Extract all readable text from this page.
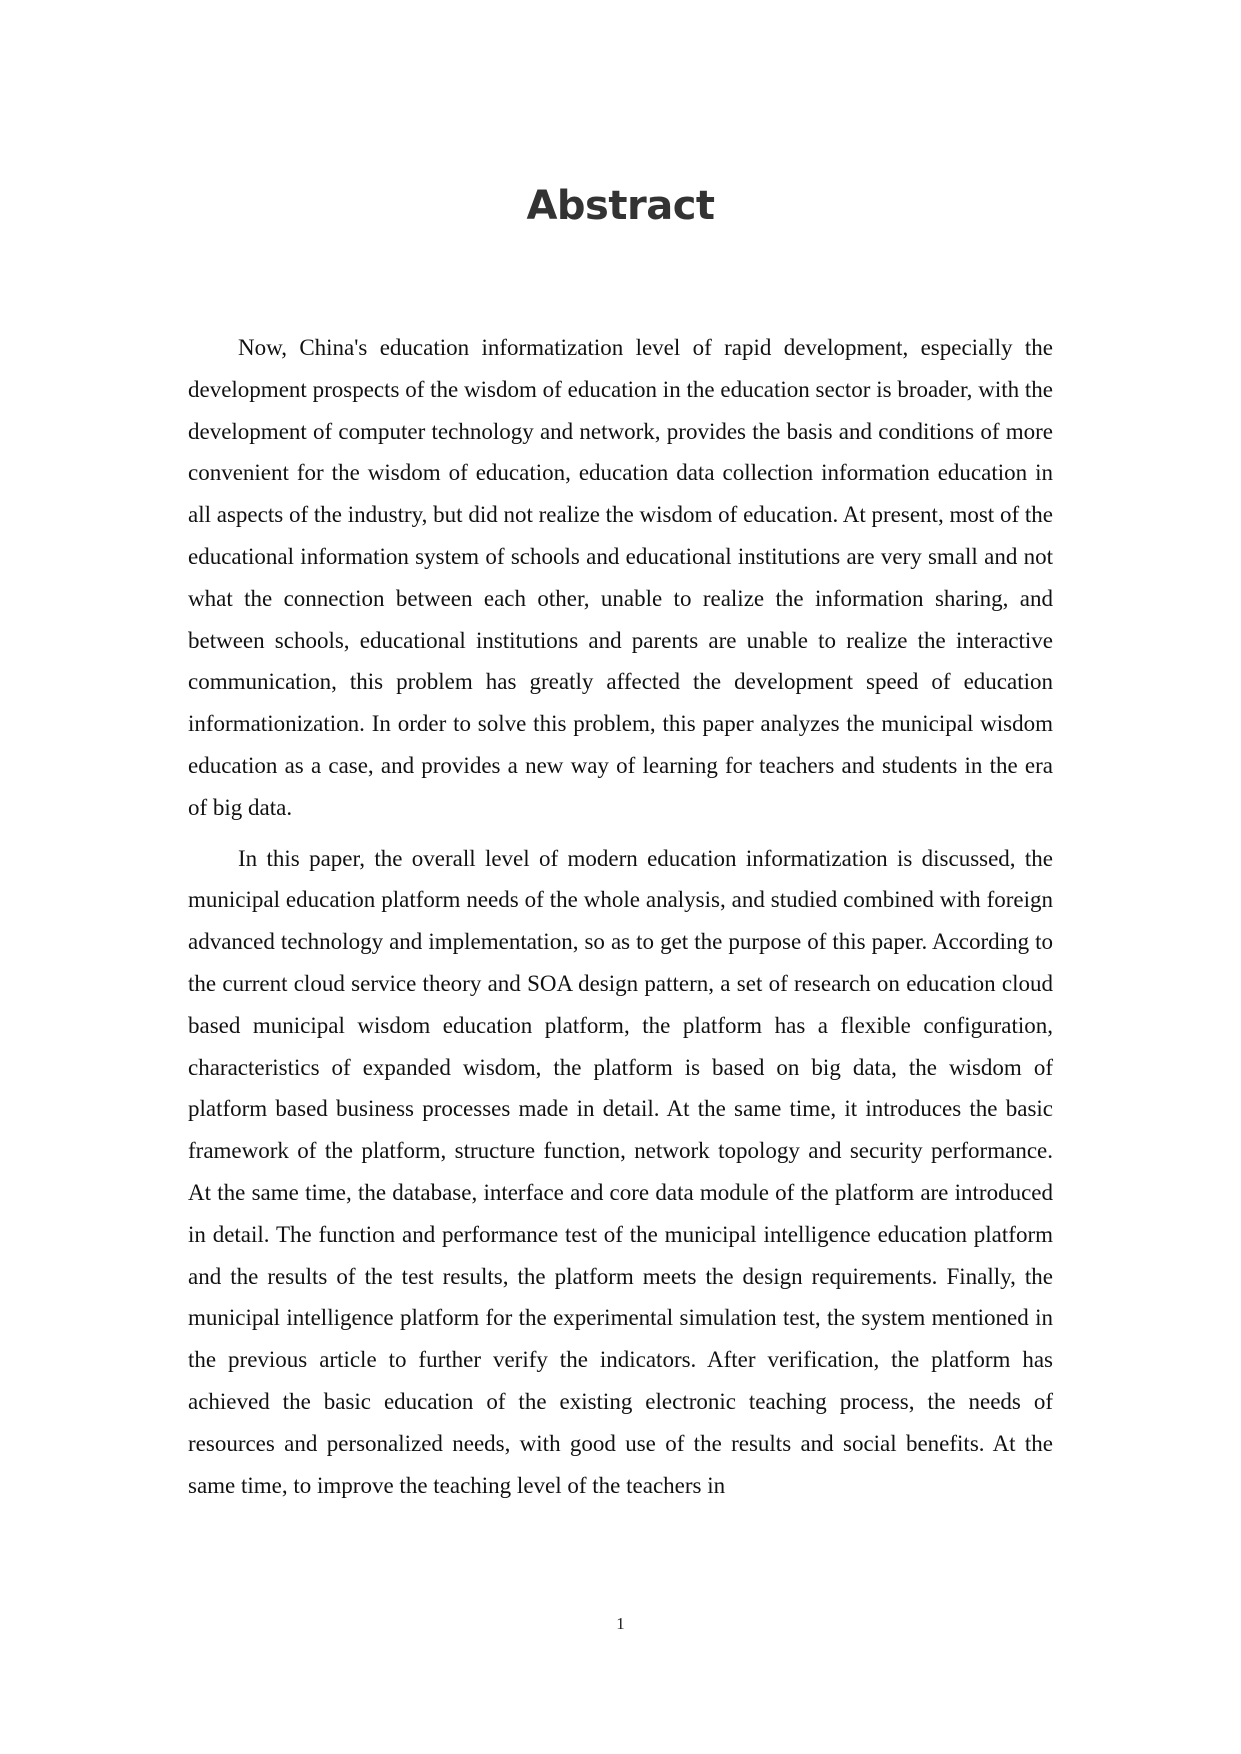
Abstract

Now, China's education informatization level of rapid development, especially the development prospects of the wisdom of education in the education sector is broader, with the development of computer technology and network, provides the basis and conditions of more convenient for the wisdom of education, education data collection information education in all aspects of the industry, but did not realize the wisdom of education. At present, most of the educational information system of schools and educational institutions are very small and not what the connection between each other, unable to realize the information sharing, and between schools, educational institutions and parents are unable to realize the interactive communication, this problem has greatly affected the development speed of education informationization. In order to solve this problem, this paper analyzes the municipal wisdom education as a case, and provides a new way of learning for teachers and students in the era of big data.

In this paper, the overall level of modern education informatization is discussed, the municipal education platform needs of the whole analysis, and studied combined with foreign advanced technology and implementation, so as to get the purpose of this paper. According to the current cloud service theory and SOA design pattern, a set of research on education cloud based municipal wisdom education platform, the platform has a flexible configuration, characteristics of expanded wisdom, the platform is based on big data, the wisdom of platform based business processes made in detail. At the same time, it introduces the basic framework of the platform, structure function, network topology and security performance. At the same time, the database, interface and core data module of the platform are introduced in detail. The function and performance test of the municipal intelligence education platform and the results of the test results, the platform meets the design requirements. Finally, the municipal intelligence platform for the experimental simulation test, the system mentioned in the previous article to further verify the indicators. After verification, the platform has achieved the basic education of the existing electronic teaching process, the needs of resources and personalized needs, with good use of the results and social benefits. At the same time, to improve the teaching level of the teachers in

1
